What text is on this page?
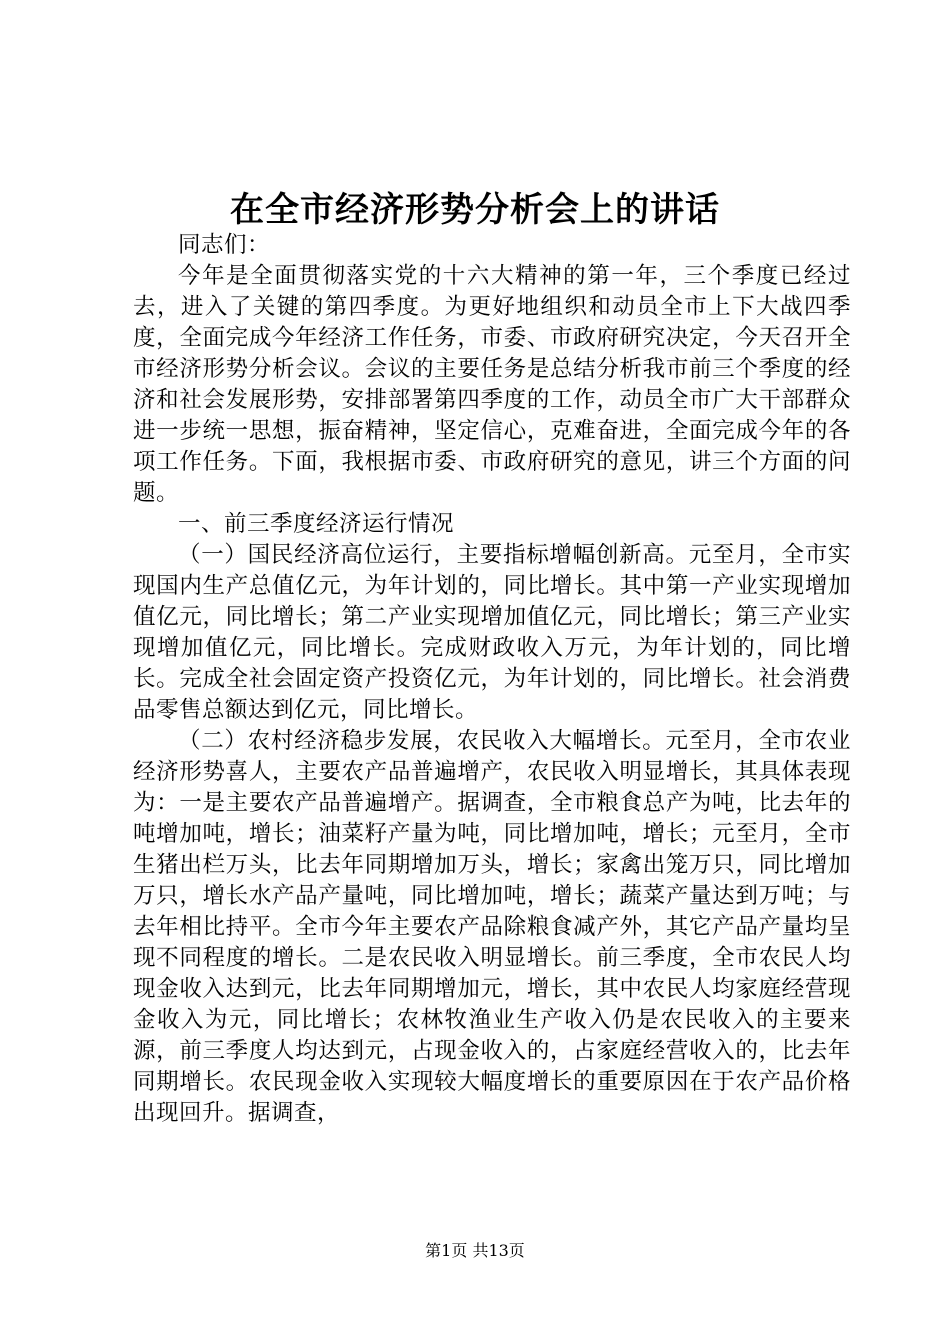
在全市经济形势分析会上的讲话

同志们：

今年是全面贯彻落实党的十六大精神的第一年，三个季度已经过去，进入了关键的第四季度。为更好地组织和动员全市上下大战四季度，全面完成今年经济工作任务，市委、市政府研究决定，今天召开全市经济形势分析会议。会议的主要任务是总结分析我市前三个季度的经济和社会发展形势，安排部署第四季度的工作，动员全市广大干部群众进一步统一思想，振奋精神，坚定信心，克难奋进，全面完成今年的各项工作任务。下面，我根据市委、市政府研究的意见，讲三个方面的问题。

一、前三季度经济运行情况

（一）国民经济高位运行，主要指标增幅创新高。元至月，全市实现国内生产总值亿元，为年计划的，同比增长。其中第一产业实现增加值亿元，同比增长；第二产业实现增加值亿元，同比增长；第三产业实现增加值亿元，同比增长。完成财政收入万元，为年计划的，同比增长。完成全社会固定资产投资亿元，为年计划的，同比增长。社会消费品零售总额达到亿元，同比增长。

（二）农村经济稳步发展，农民收入大幅增长。元至月，全市农业经济形势喜人，主要农产品普遍增产，农民收入明显增长，其具体表现为：一是主要农产品普遍增产。据调查，全市粮食总产为吨，比去年的吨增加吨，增长；油菜籽产量为吨，同比增加吨，增长；元至月，全市生猪出栏万头，比去年同期增加万头，增长；家禽出笼万只，同比增加万只，增长水产品产量吨，同比增加吨，增长；蔬菜产量达到万吨；与去年相比持平。全市今年主要农产品除粮食减产外，其它产品产量均呈现不同程度的增长。二是农民收入明显增长。前三季度，全市农民人均现金收入达到元，比去年同期增加元，增长，其中农民人均家庭经营现金收入为元，同比增长；农林牧渔业生产收入仍是农民收入的主要来源，前三季度人均达到元，占现金收入的，占家庭经营收入的，比去年同期增长。农民现金收入实现较大幅度增长的重要原因在于农产品价格出现回升。据调查，

第1页 共13页
